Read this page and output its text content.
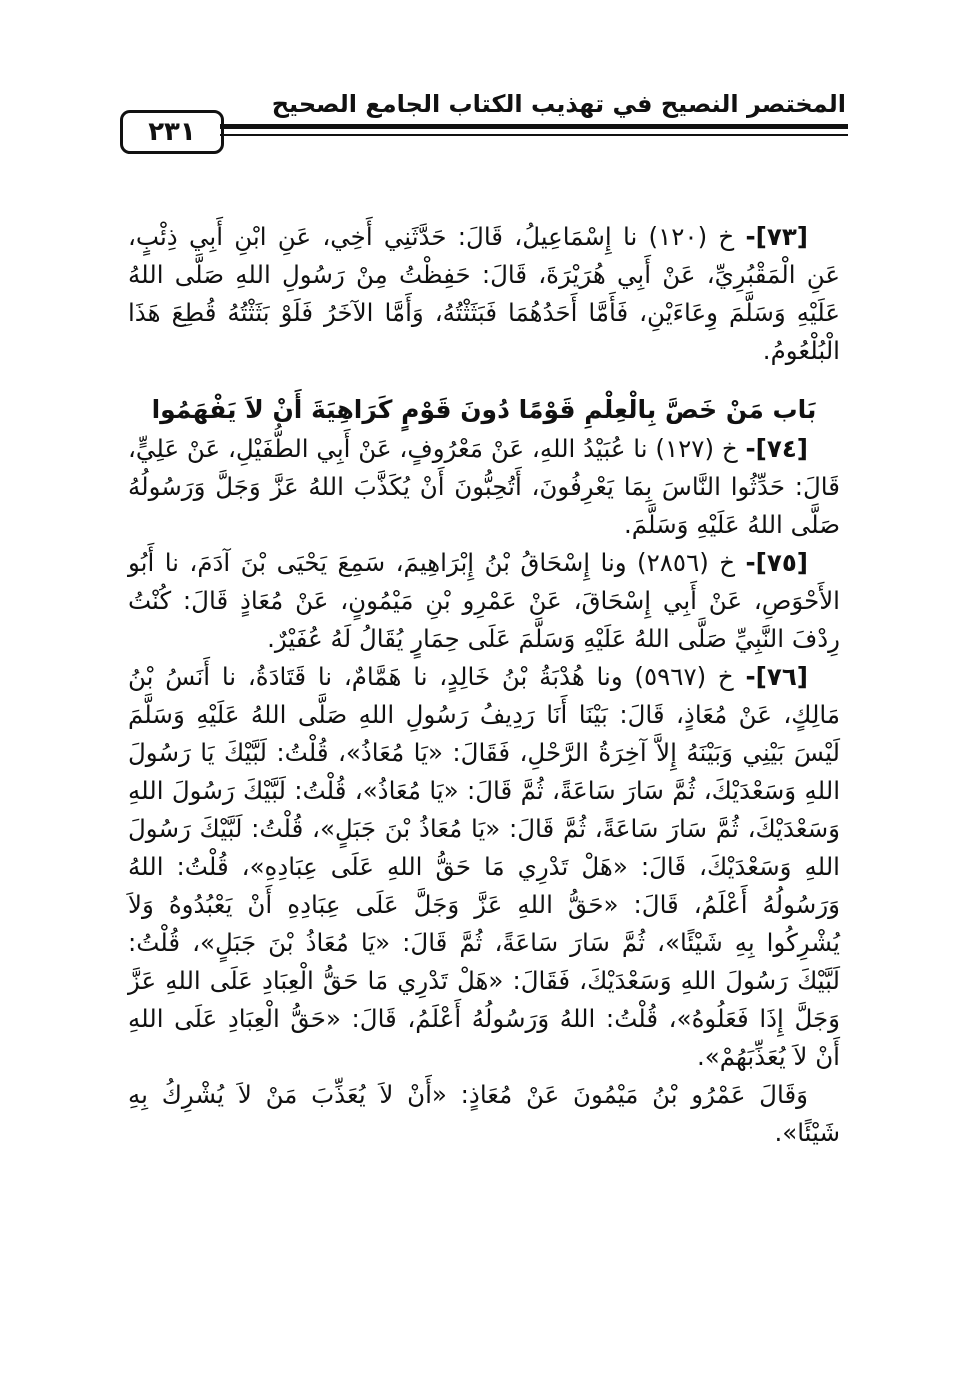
المختصر النصيح في تهذيب الكتاب الجامع الصحيح
٢٣١

[٧٣]- خ (١٢٠) نا إِسْمَاعِيلُ، قَالَ: حَدَّثَنِي أَخِي، عَنِ ابْنِ أَبِي ذِئْبٍ، عَنِ الْمَقْبُرِيِّ، عَنْ أَبِي هُرَيْرَةَ، قَالَ: حَفِظْتُ مِنْ رَسُولِ اللهِ صَلَّى اللهُ عَلَيْهِ وَسَلَّمَ وِعَاءَيْنِ، فَأَمَّا أَحَدُهُمَا فَبَثَثْتُهُ، وَأَمَّا الآخَرُ فَلَوْ بَثَثْتُهُ قُطِعَ هَذَا الْبُلْعُومُ.

بَاب مَنْ خَصَّ بِالْعِلْمِ قَوْمًا دُونَ قَوْمٍ كَرَاهِيَةَ أَنْ لاَ يَفْهَمُوا

[٧٤]- خ (١٢٧) نا عُبَيْدُ اللهِ، عَنْ مَعْرُوفٍ، عَنْ أَبِي الطُّفَيْلِ، عَنْ عَلِيٍّ، قَالَ: حَدِّثُوا النَّاسَ بِمَا يَعْرِفُونَ، أَتُحِبُّونَ أَنْ يُكَذَّبَ اللهُ عَزَّ وَجَلَّ وَرَسُولُهُ صَلَّى اللهُ عَلَيْهِ وَسَلَّمَ.

[٧٥]- خ (٢٨٥٦) ونا إِسْحَاقُ بْنُ إِبْرَاهِيمَ، سَمِعَ يَحْيَى بْنَ آدَمَ، نا أَبُو الأَحْوَصِ، عَنْ أَبِي إِسْحَاقَ، عَنْ عَمْرِو بْنِ مَيْمُونٍ، عَنْ مُعَاذٍ قَالَ: كُنْتُ رِدْفَ النَّبِيِّ صَلَّى اللهُ عَلَيْهِ وَسَلَّمَ عَلَى حِمَارٍ يُقَالُ لَهُ عُفَيْرٌ.

[٧٦]- خ (٥٩٦٧) ونا هُدْبَةُ بْنُ خَالِدٍ، نا هَمَّامٌ، نا قَتَادَةُ، نا أَنَسُ بْنُ مَالِكٍ، عَنْ مُعَاذٍ، قَالَ: بَيْنَا أَنَا رَدِيفُ رَسُولِ اللهِ صَلَّى اللهُ عَلَيْهِ وَسَلَّمَ لَيْسَ بَيْنِي وَبَيْنَهُ إِلاَّ آخِرَةُ الرَّحْلِ، فَقَالَ: «يَا مُعَاذُ»، قُلْتُ: لَبَّيْكَ يَا رَسُولَ اللهِ وَسَعْدَيْكَ، ثُمَّ سَارَ سَاعَةً، ثُمَّ قَالَ: «يَا مُعَاذُ»، قُلْتُ: لَبَّيْكَ رَسُولَ اللهِ وَسَعْدَيْكَ، ثُمَّ سَارَ سَاعَةً، ثُمَّ قَالَ: «يَا مُعَاذُ بْنَ جَبَلٍ»، قُلْتُ: لَبَّيْكَ رَسُولَ اللهِ وَسَعْدَيْكَ، قَالَ: «هَلْ تَدْرِي مَا حَقُّ اللهِ عَلَى عِبَادِهِ»، قُلْتُ: اللهُ وَرَسُولُهُ أَعْلَمُ، قَالَ: «حَقُّ اللهِ عَزَّ وَجَلَّ عَلَى عِبَادِهِ أَنْ يَعْبُدُوهُ وَلاَ يُشْرِكُوا بِهِ شَيْئًا»، ثُمَّ سَارَ سَاعَةً، ثُمَّ قَالَ: «يَا مُعَاذُ بْنَ جَبَلٍ»، قُلْتُ: لَبَّيْكَ رَسُولَ اللهِ وَسَعْدَيْكَ، فَقَالَ: «هَلْ تَدْرِي مَا حَقُّ الْعِبَادِ عَلَى اللهِ عَزَّ وَجَلَّ إِذَا فَعَلُوهُ»، قُلْتُ: اللهُ وَرَسُولُهُ أَعْلَمُ، قَالَ: «حَقُّ الْعِبَادِ عَلَى اللهِ أَنْ لاَ يُعَذِّبَهُمْ».

وَقَالَ عَمْرُو بْنُ مَيْمُونَ عَنْ مُعَاذٍ: «أَنْ لاَ يُعَذِّبَ مَنْ لاَ يُشْرِكُ بِهِ شَيْئًا».
